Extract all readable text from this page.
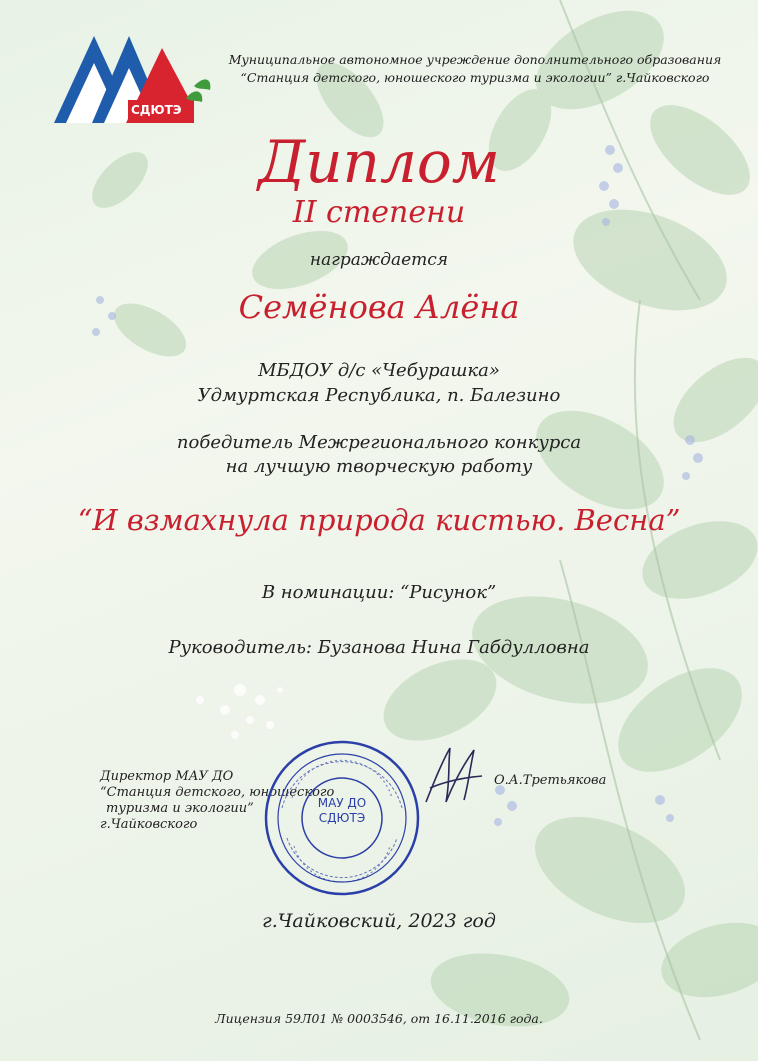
СДЮТЭ
Муниципальное автономное учреждение дополнительного образования
“Станция детского, юношеского туризма и экологии” г.Чайковского
Диплом
II степени
награждается
Семёнова Алёна
МБДОУ д/с «Чебурашка»
Удмуртская Республика, п. Балезино
победитель Межрегионального конкурса
на лучшую творческую работу
“И взмахнула природа кистью. Весна”
В номинации: “Рисунок”
Руководитель: Бузанова Нина Габдулловна
Директор МАУ ДО
“Станция детского, юношеского
туризма и экологии”
г.Чайковского
МАУ ДО СДЮТЭ
О.А.Третьякова
г.Чайковский, 2023 год
Лицензия 59Л01 № 0003546, от 16.11.2016 года.
